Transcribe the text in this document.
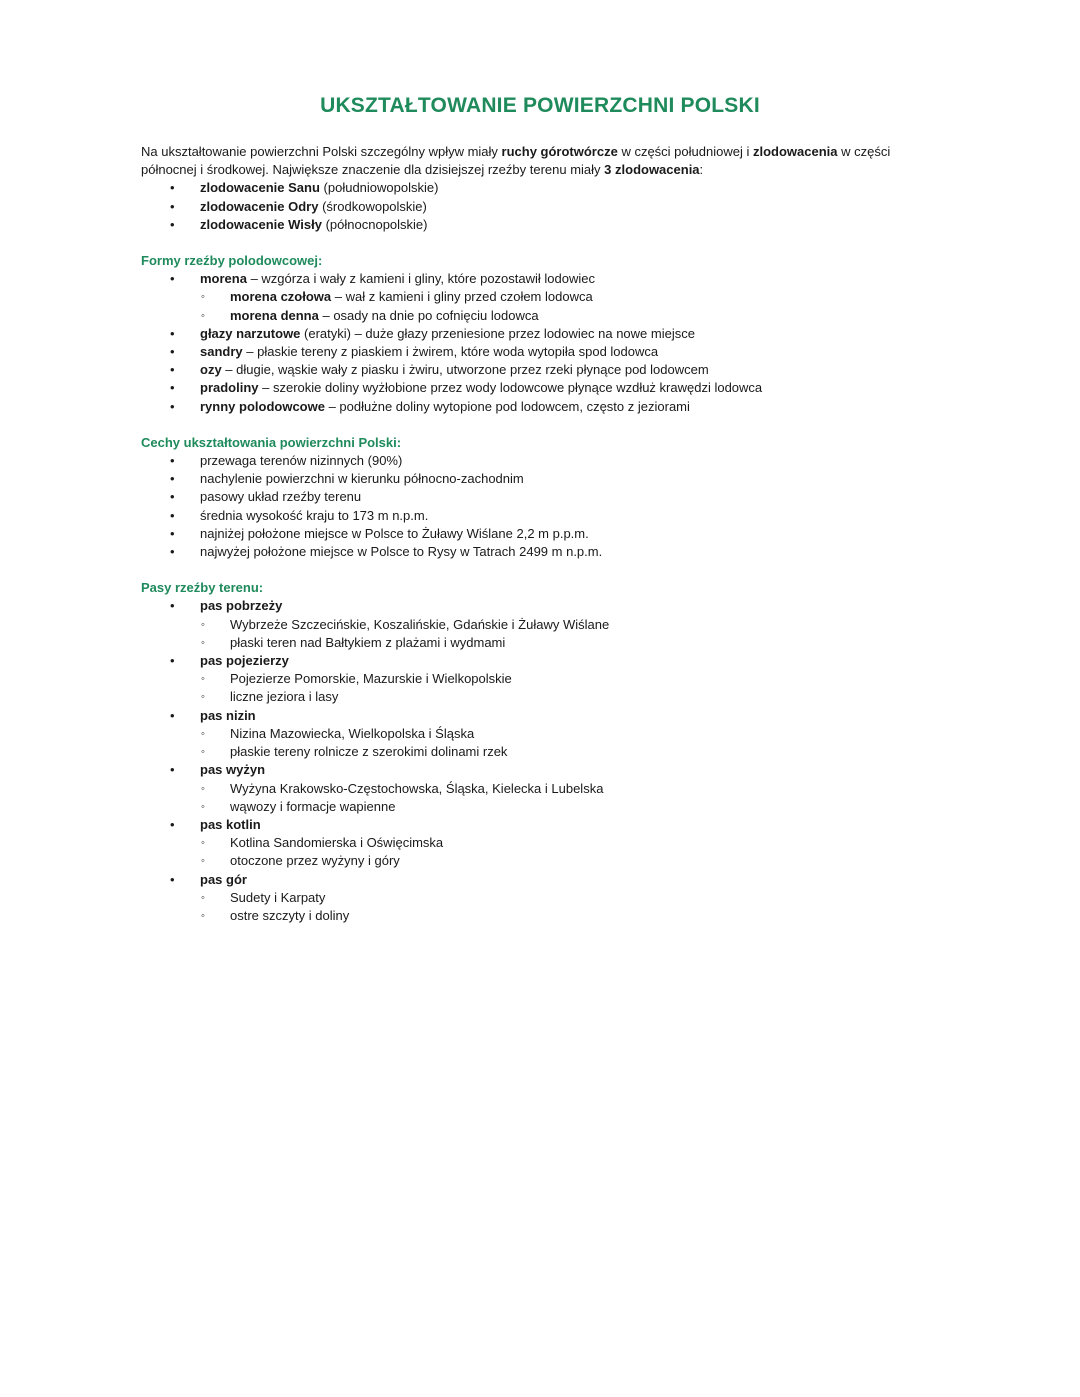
UKSZTAŁTOWANIE POWIERZCHNI POLSKI

Na ukształtowanie powierzchni Polski szczególny wpływ miały ruchy górotwórcze w części południowej i zlodowacenia w części północnej i środkowej. Największe znaczenie dla dzisiejszej rzeźby terenu miały 3 zlodowacenia:

• zlodowacenie Sanu (południowopolskie)
• zlodowacenie Odry (środkowopolskie)
• zlodowacenie Wisły (północnopolskie)

Formy rzeźby polodowcowej:

• morena – wzgórza i wały z kamieni i gliny, które pozostawił lodowiec
◦ morena czołowa – wał z kamieni i gliny przed czołem lodowca
◦ morena denna – osady na dnie po cofnięciu lodowca
• głazy narzutowe (eratyki) – duże głazy przeniesione przez lodowiec na nowe miejsce
• sandry – płaskie tereny z piaskiem i żwirem, które woda wytopiła spod lodowca
• ozy – długie, wąskie wały z piasku i żwiru, utworzone przez rzeki płynące pod lodowcem
• pradoliny – szerokie doliny wyżłobione przez wody lodowcowe płynące wzdłuż krawędzi lodowca
• rynny polodowcowe – podłużne doliny wytopione pod lodowcem, często z jeziorami

Cechy ukształtowania powierzchni Polski:

• przewaga terenów nizinnych (90%)
• nachylenie powierzchni w kierunku północno-zachodnim
• pasowy układ rzeźby terenu
• średnia wysokość kraju to 173 m n.p.m.
• najniżej położone miejsce w Polsce to Żuławy Wiślane 2,2 m p.p.m.
• najwyżej położone miejsce w Polsce to Rysy w Tatrach 2499 m n.p.m.

Pasy rzeźby terenu:

• pas pobrzeży
◦ Wybrzeże Szczecińskie, Koszalińskie, Gdańskie i Żuławy Wiślane
◦ płaski teren nad Bałtykiem z plażami i wydmami
• pas pojezierzy
◦ Pojezierze Pomorskie, Mazurskie i Wielkopolskie
◦ liczne jeziora i lasy
• pas nizin
◦ Nizina Mazowiecka, Wielkopolska i Śląska
◦ płaskie tereny rolnicze z szerokimi dolinami rzek
• pas wyżyn
◦ Wyżyna Krakowsko-Częstochowska, Śląska, Kielecka i Lubelska
◦ wąwozy i formacje wapienne
• pas kotlin
◦ Kotlina Sandomierska i Oświęcimska
◦ otoczone przez wyżyny i góry
• pas gór
◦ Sudety i Karpaty
◦ ostre szczyty i doliny
